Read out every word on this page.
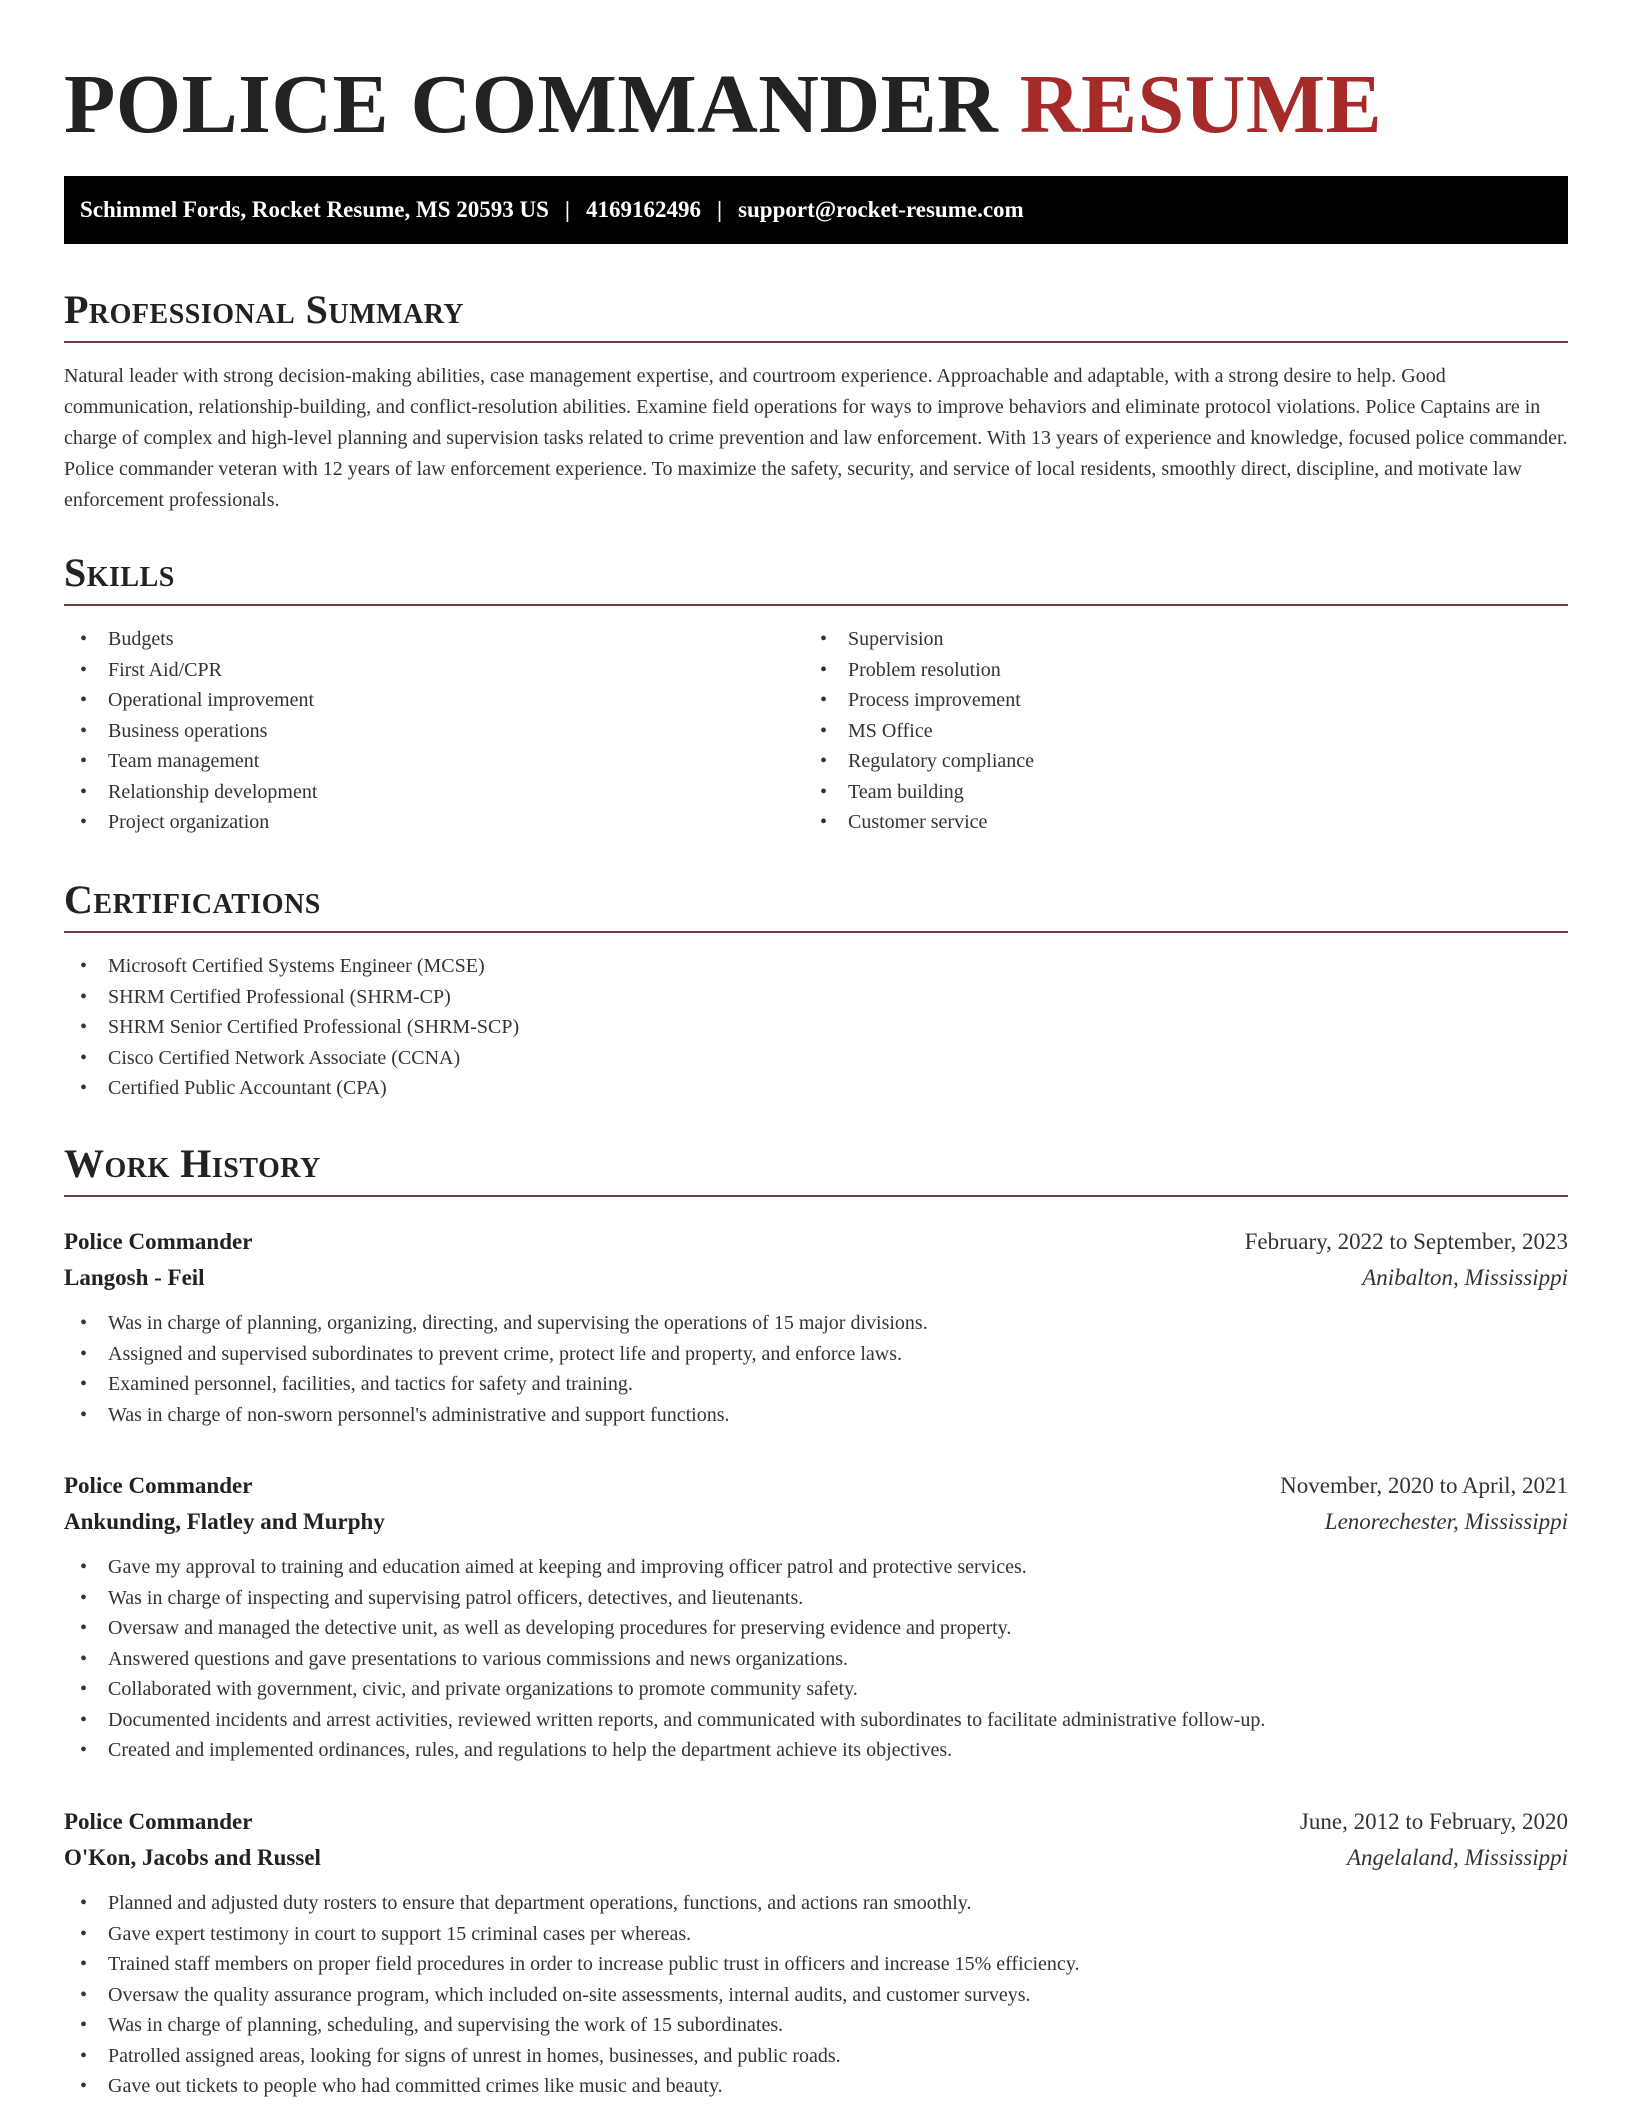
POLICE COMMANDER RESUME
Schimmel Fords, Rocket Resume, MS 20593 US | 4169162496 | support@rocket-resume.com
Professional Summary

Natural leader with strong decision-making abilities, case management expertise, and courtroom experience. Approachable and adaptable, with a strong desire to help. Good communication, relationship-building, and conflict-resolution abilities. Examine field operations for ways to improve behaviors and eliminate protocol violations. Police Captains are in charge of complex and high-level planning and supervision tasks related to crime prevention and law enforcement. With 13 years of experience and knowledge, focused police commander. Police commander veteran with 12 years of law enforcement experience. To maximize the safety, security, and service of local residents, smoothly direct, discipline, and motivate law enforcement professionals.

Skills
• Budgets
• First Aid/CPR
• Operational improvement
• Business operations
• Team management
• Relationship development
• Project organization
• Supervision
• Problem resolution
• Process improvement
• MS Office
• Regulatory compliance
• Team building
• Customer service
Certifications
• Microsoft Certified Systems Engineer (MCSE)
• SHRM Certified Professional (SHRM-CP)
• SHRM Senior Certified Professional (SHRM-SCP)
• Cisco Certified Network Associate (CCNA)
• Certified Public Accountant (CPA)
Work History
Police Commander	February, 2022 to September, 2023
Langosh - Feil	Anibalton, Mississippi
• Was in charge of planning, organizing, directing, and supervising the operations of 15 major divisions.
• Assigned and supervised subordinates to prevent crime, protect life and property, and enforce laws.
• Examined personnel, facilities, and tactics for safety and training.
• Was in charge of non-sworn personnel's administrative and support functions.
Police Commander	November, 2020 to April, 2021
Ankunding, Flatley and Murphy	Lenorechester, Mississippi
• Gave my approval to training and education aimed at keeping and improving officer patrol and protective services.
• Was in charge of inspecting and supervising patrol officers, detectives, and lieutenants.
• Oversaw and managed the detective unit, as well as developing procedures for preserving evidence and property.
• Answered questions and gave presentations to various commissions and news organizations.
• Collaborated with government, civic, and private organizations to promote community safety.
• Documented incidents and arrest activities, reviewed written reports, and communicated with subordinates to facilitate administrative follow-up.
• Created and implemented ordinances, rules, and regulations to help the department achieve its objectives.
Police Commander	June, 2012 to February, 2020
O'Kon, Jacobs and Russel	Angelaland, Mississippi
• Planned and adjusted duty rosters to ensure that department operations, functions, and actions ran smoothly.
• Gave expert testimony in court to support 15 criminal cases per whereas.
• Trained staff members on proper field procedures in order to increase public trust in officers and increase 15% efficiency.
• Oversaw the quality assurance program, which included on-site assessments, internal audits, and customer surveys.
• Was in charge of planning, scheduling, and supervising the work of 15 subordinates.
• Patrolled assigned areas, looking for signs of unrest in homes, businesses, and public roads.
• Gave out tickets to people who had committed crimes like music and beauty.
